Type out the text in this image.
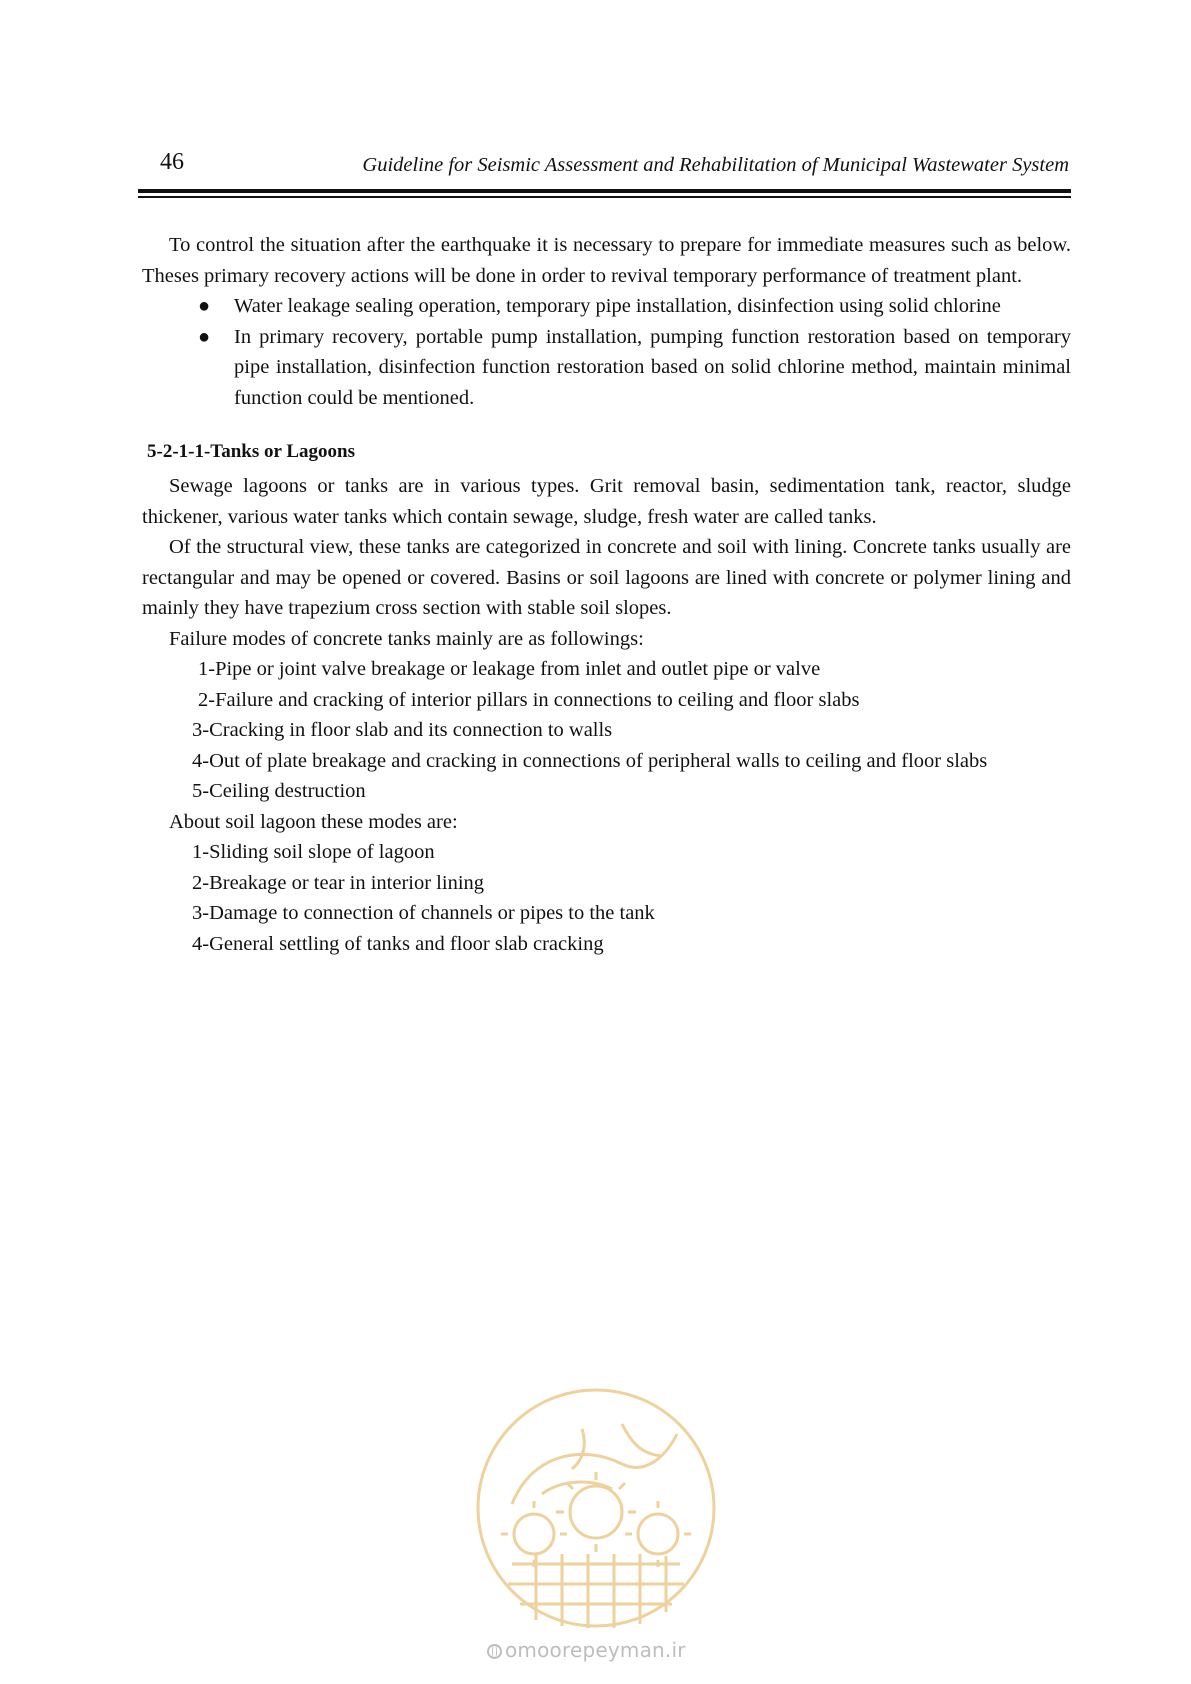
46	Guideline for Seismic Assessment and Rehabilitation of Municipal Wastewater System

To control the situation after the earthquake it is necessary to prepare for immediate measures such as below. Theses primary recovery actions will be done in order to revival temporary performance of treatment plant.

● Water leakage sealing operation, temporary pipe installation, disinfection using solid chlorine
● In primary recovery, portable pump installation, pumping function restoration based on temporary pipe installation, disinfection function restoration based on solid chlorine method, maintain minimal function could be mentioned.
5-2-1-1-Tanks or Lagoons

Sewage lagoons or tanks are in various types. Grit removal basin, sedimentation tank, reactor, sludge thickener, various water tanks which contain sewage, sludge, fresh water are called tanks.

Of the structural view, these tanks are categorized in concrete and soil with lining. Concrete tanks usually are rectangular and may be opened or covered. Basins or soil lagoons are lined with concrete or polymer lining and mainly they have trapezium cross section with stable soil slopes.

Failure modes of concrete tanks mainly are as followings:

1-Pipe or joint valve breakage or leakage from inlet and outlet pipe or valve

2-Failure and cracking of interior pillars in connections to ceiling and floor slabs

3-Cracking in floor slab and its connection to walls

4-Out of plate breakage and cracking in connections of peripheral walls to ceiling and floor slabs

5-Ceiling destruction

About soil lagoon these modes are:

1-Sliding soil slope of lagoon

2-Breakage or tear in interior lining

3-Damage to connection of channels or pipes to the tank

4-General settling of tanks and floor slab cracking

omoorepeyman.ir
